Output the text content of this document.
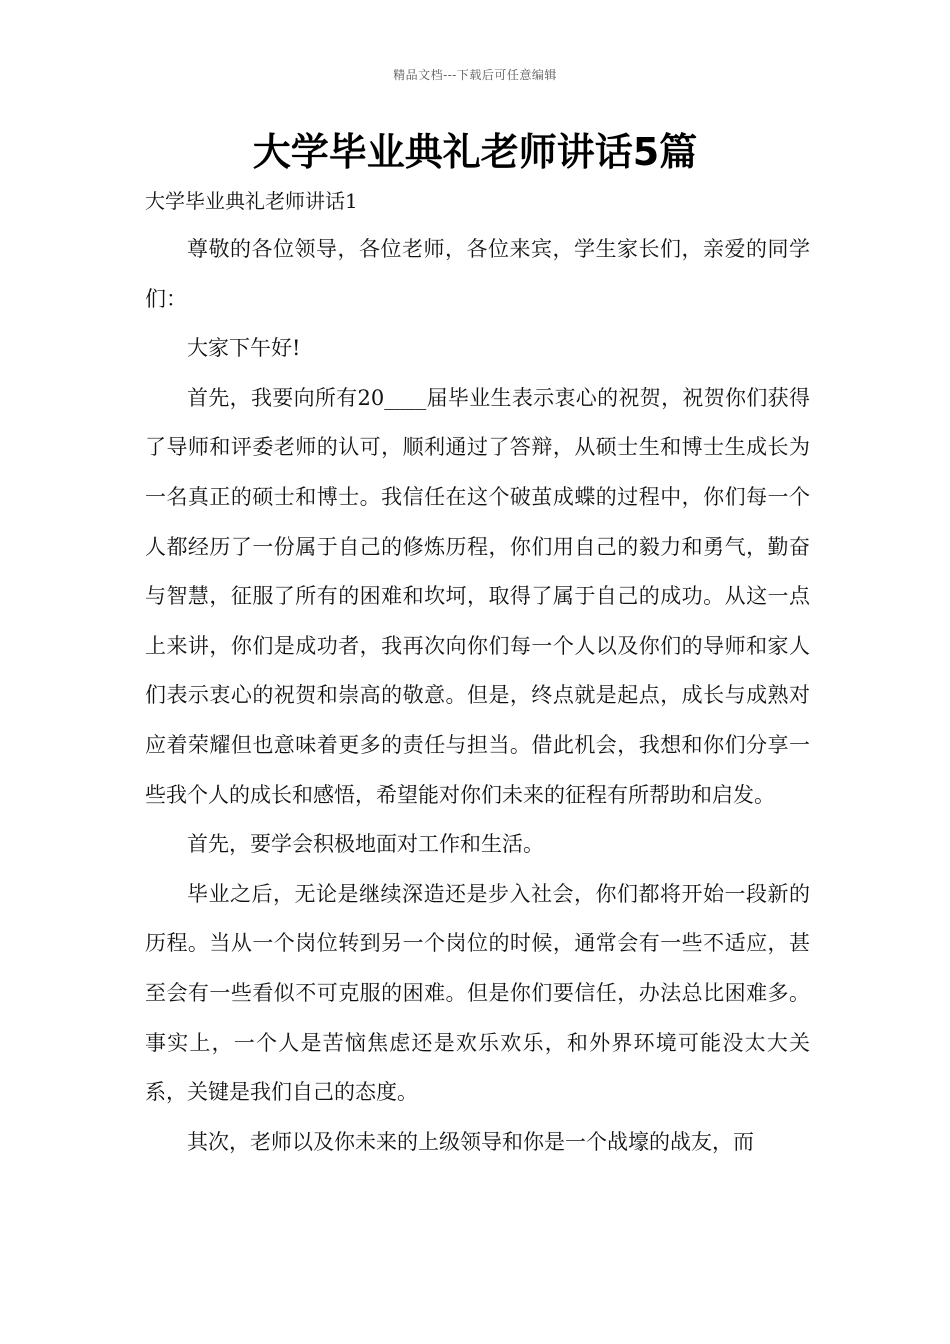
精品文档---下载后可任意编辑
大学毕业典礼老师讲话5篇
大学毕业典礼老师讲话1

尊敬的各位领导，各位老师，各位来宾，学生家长们，亲爱的同学们：

大家下午好!

首先，我要向所有20____届毕业生表示衷心的祝贺，祝贺你们获得了导师和评委老师的认可，顺利通过了答辩，从硕士生和博士生成长为一名真正的硕士和博士。我信任在这个破茧成蝶的过程中，你们每一个人都经历了一份属于自己的修炼历程，你们用自己的毅力和勇气，勤奋与智慧，征服了所有的困难和坎坷，取得了属于自己的成功。从这一点上来讲，你们是成功者，我再次向你们每一个人以及你们的导师和家人们表示衷心的祝贺和崇高的敬意。但是，终点就是起点，成长与成熟对应着荣耀但也意味着更多的责任与担当。借此机会，我想和你们分享一些我个人的成长和感悟，希望能对你们未来的征程有所帮助和启发。

首先，要学会积极地面对工作和生活。

毕业之后，无论是继续深造还是步入社会，你们都将开始一段新的历程。当从一个岗位转到另一个岗位的时候，通常会有一些不适应，甚至会有一些看似不可克服的困难。但是你们要信任，办法总比困难多。事实上，一个人是苦恼焦虑还是欢乐欢乐，和外界环境可能没太大关系，关键是我们自己的态度。

其次，老师以及你未来的上级领导和你是一个战壕的战友，而
